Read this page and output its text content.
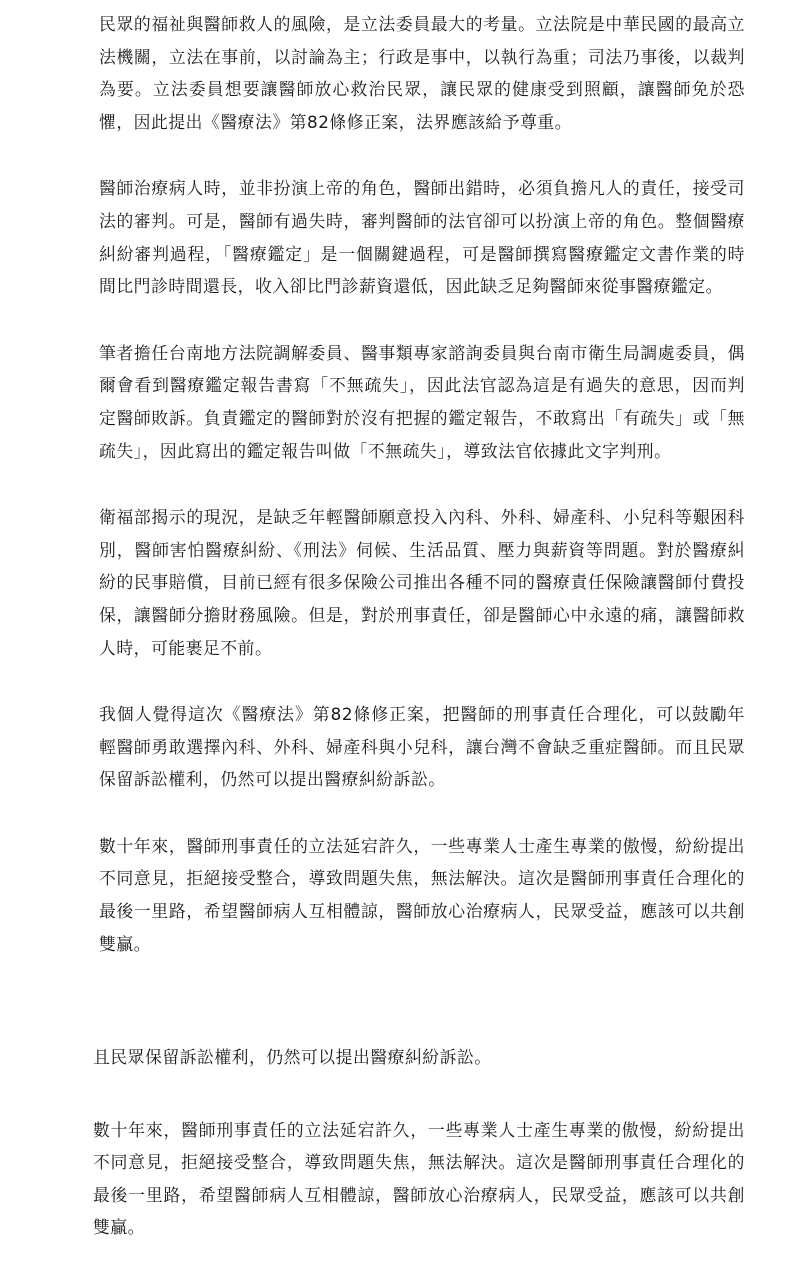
民眾的福祉與醫師救人的風險，是立法委員最大的考量。立法院是中華民國的最高立法機關，立法在事前，以討論為主；行政是事中，以執行為重；司法乃事後，以裁判為要。立法委員想要讓醫師放心救治民眾，讓民眾的健康受到照顧，讓醫師免於恐懼，因此提出《醫療法》第82條修正案，法界應該給予尊重。

醫師治療病人時，並非扮演上帝的角色，醫師出錯時，必須負擔凡人的責任，接受司法的審判。可是，醫師有過失時，審判醫師的法官卻可以扮演上帝的角色。整個醫療糾紛審判過程，「醫療鑑定」是一個關鍵過程，可是醫師撰寫醫療鑑定文書作業的時間比門診時間還長，收入卻比門診薪資還低，因此缺乏足夠醫師來從事醫療鑑定。

筆者擔任台南地方法院調解委員、醫事類專家諮詢委員與台南市衛生局調處委員，偶爾會看到醫療鑑定報告書寫「不無疏失」，因此法官認為這是有過失的意思，因而判定醫師敗訴。負責鑑定的醫師對於沒有把握的鑑定報告，不敢寫出「有疏失」或「無疏失」，因此寫出的鑑定報告叫做「不無疏失」，導致法官依據此文字判刑。

衛福部揭示的現況，是缺乏年輕醫師願意投入內科、外科、婦產科、小兒科等艱困科別，醫師害怕醫療糾紛、《刑法》伺候、生活品質、壓力與薪資等問題。對於醫療糾紛的民事賠償，目前已經有很多保險公司推出各種不同的醫療責任保險讓醫師付費投保，讓醫師分擔財務風險。但是，對於刑事責任，卻是醫師心中永遠的痛，讓醫師救人時，可能裹足不前。

我個人覺得這次《醫療法》第82條修正案，把醫師的刑事責任合理化，可以鼓勵年輕醫師勇敢選擇內科、外科、婦產科與小兒科，讓台灣不會缺乏重症醫師。而且民眾保留訴訟權利，仍然可以提出醫療糾紛訴訟。

數十年來，醫師刑事責任的立法延宕許久，一些專業人士產生專業的傲慢，紛紛提出不同意見，拒絕接受整合，導致問題失焦，無法解決。這次是醫師刑事責任合理化的最後一里路，希望醫師病人互相體諒，醫師放心治療病人，民眾受益，應該可以共創雙贏。

且民眾保留訴訟權利，仍然可以提出醫療糾紛訴訟。

數十年來，醫師刑事責任的立法延宕許久，一些專業人士產生專業的傲慢，紛紛提出不同意見，拒絕接受整合，導致問題失焦，無法解決。這次是醫師刑事責任合理化的最後一里路，希望醫師病人互相體諒，醫師放心治療病人，民眾受益，應該可以共創雙贏。
